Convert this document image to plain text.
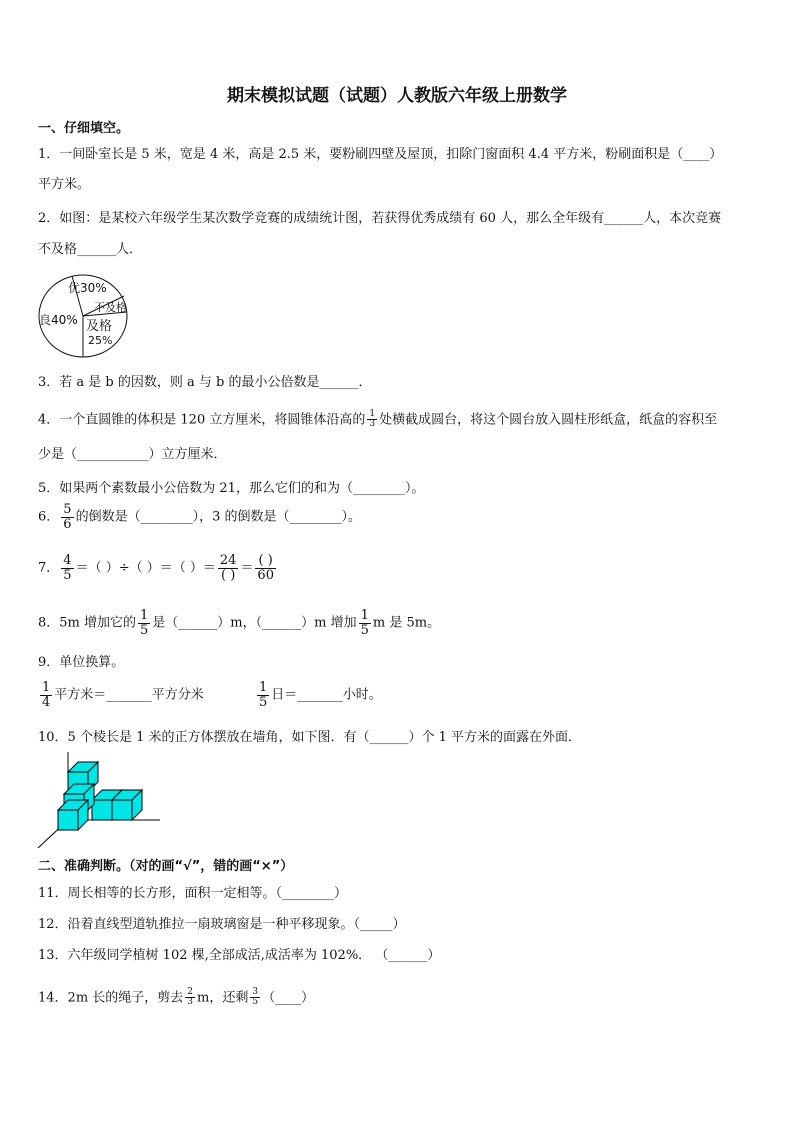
期末模拟试题（试题）人教版六年级上册数学
一、仔细填空。
1．一间卧室长是 5 米，宽是 4 米，高是 2.5 米，要粉刷四壁及屋顶，扣除门窗面积 4.4 平方米，粉刷面积是（____）
平方米。
2．如图：是某校六年级学生某次数学竞赛的成绩统计图，若获得优秀成绩有 60 人，那么全年级有______人，本次竞赛
不及格______人．
优30%
良40% 及格
25%
不及格
3．若 a 是 b 的因数，则 a 与 b 的最小公倍数是______．
4．一个直圆锥的体积是 120 立方厘米，将圆锥体沿高的 $\frac{1}{3}$ 处横截成圆台，将这个圆台放入圆柱形纸盒，纸盒的容积至
少是（___________）立方厘米．
5．如果两个素数最小公倍数为 21，那么它们的和为（________）。
6． $\frac{5}{6}$ 的倒数是（________），3 的倒数是（________）。
7． $\frac{4}{5}$ ＝（ ）÷（ ）＝（ ）＝ $\frac{24}{( )} = \frac{( )}{60}$
8．5m 增加它的 $\frac{1}{5}$ 是（______）m，（______）m 增加 $\frac{1}{5}$ m 是 5m。
9．单位换算。
$\frac{1}{4}$ 平方米＝_______平方分米	$\frac{1}{5}$ 日＝_______小时。
10．5 个棱长是 1 米的正方体摆放在墙角，如下图．有（______）个 1 平方米的面露在外面．
二、准确判断。（对的画“√”，错的画“×”）
11．周长相等的长方形，面积一定相等。（________）
12．沿着直线型道轨推拉一扇玻璃窗是一种平移现象。（_____）
13．六年级同学植树 102 棵,全部成活,成活率为 102%． （______）
14．2m 长的绳子，剪去 $\frac{2}{3}$ m，还剩 $\frac{3}{5}$ （____）
